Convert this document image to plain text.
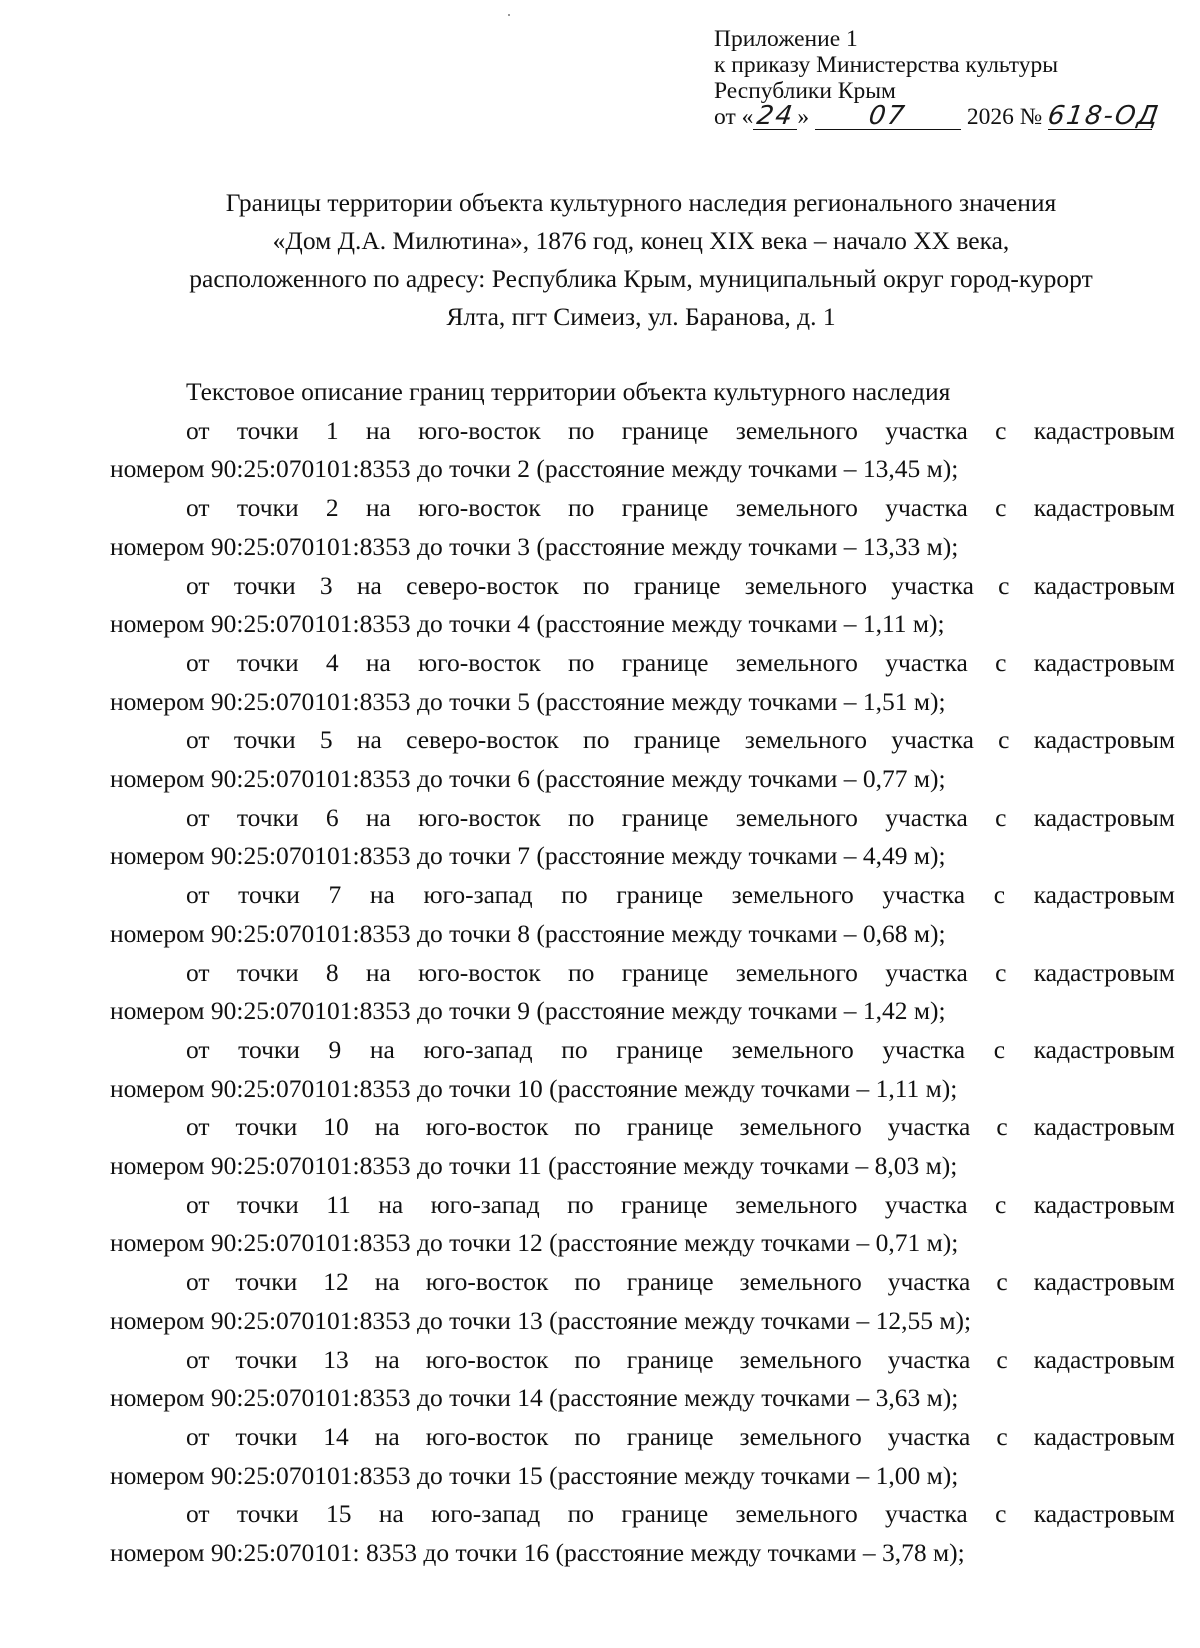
Приложение 1
к приказу Министерства культуры
Республики Крым
от «24» 07 2026 № 618-ОД
Границы территории объекта культурного наследия регионального значения
«Дом Д.А. Милютина», 1876 год, конец XIX века – начало XX века,
расположенного по адресу: Республика Крым, муниципальный округ город-курорт
Ялта, пгт Симеиз, ул. Баранова, д. 1
Текстовое описание границ территории объекта культурного наследия
от точки 1 на юго-восток по границе земельного участка с кадастровым
номером 90:25:070101:8353 до точки 2 (расстояние между точками – 13,45 м);
от точки 2 на юго-восток по границе земельного участка с кадастровым
номером 90:25:070101:8353 до точки 3 (расстояние между точками – 13,33 м);
от точки 3 на северо-восток по границе земельного участка с кадастровым
номером 90:25:070101:8353 до точки 4 (расстояние между точками – 1,11 м);
от точки 4 на юго-восток по границе земельного участка с кадастровым
номером 90:25:070101:8353 до точки 5 (расстояние между точками – 1,51 м);
от точки 5 на северо-восток по границе земельного участка с кадастровым
номером 90:25:070101:8353 до точки 6 (расстояние между точками – 0,77 м);
от точки 6 на юго-восток по границе земельного участка с кадастровым
номером 90:25:070101:8353 до точки 7 (расстояние между точками – 4,49 м);
от точки 7 на юго-запад по границе земельного участка с кадастровым
номером 90:25:070101:8353 до точки 8 (расстояние между точками – 0,68 м);
от точки 8 на юго-восток по границе земельного участка с кадастровым
номером 90:25:070101:8353 до точки 9 (расстояние между точками – 1,42 м);
от точки 9 на юго-запад по границе земельного участка с кадастровым
номером 90:25:070101:8353 до точки 10 (расстояние между точками – 1,11 м);
от точки 10 на юго-восток по границе земельного участка с кадастровым
номером 90:25:070101:8353 до точки 11 (расстояние между точками – 8,03 м);
от точки 11 на юго-запад по границе земельного участка с кадастровым
номером 90:25:070101:8353 до точки 12 (расстояние между точками – 0,71 м);
от точки 12 на юго-восток по границе земельного участка с кадастровым
номером 90:25:070101:8353 до точки 13 (расстояние между точками – 12,55 м);
от точки 13 на юго-восток по границе земельного участка с кадастровым
номером 90:25:070101:8353 до точки 14 (расстояние между точками – 3,63 м);
от точки 14 на юго-восток по границе земельного участка с кадастровым
номером 90:25:070101:8353 до точки 15 (расстояние между точками – 1,00 м);
от точки 15 на юго-запад по границе земельного участка с кадастровым
номером 90:25:070101: 8353 до точки 16 (расстояние между точками – 3,78 м);
